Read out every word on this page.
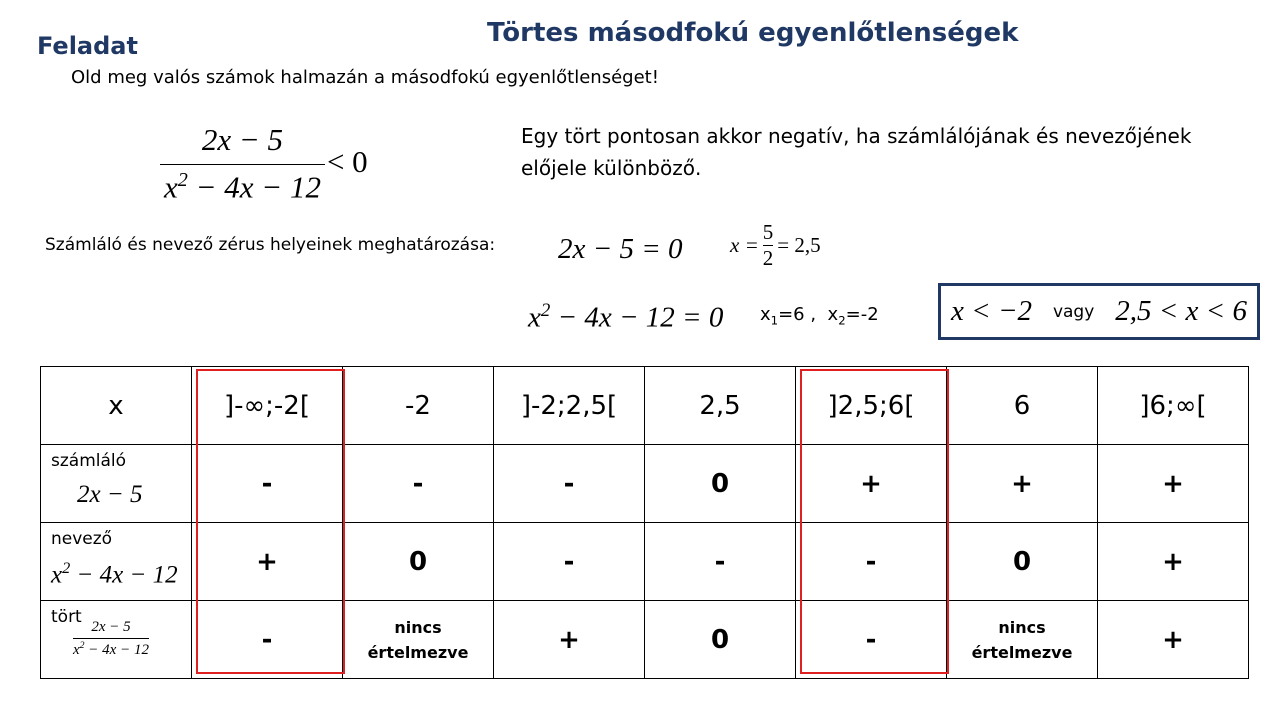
Törtes másodfokú egyenlőtlenségek
Feladat
Old meg valós számok halmazán a másodfokú egyenlőtlenséget!
$\frac{2x - 5}{x^2 - 4x - 12} < 0$
Egy tört pontosan akkor negatív, ha számlálójának és nevezőjének előjele különböző.
Számláló és nevező zérus helyeinek meghatározása: 2x − 5 = 0 $x = \frac{5}{2} = 2,5$
$x^2 - 4x - 12 = 0$ $x_1=6$ , $x_2=-2$ x < −2 vagy 2,5 < x < 6
x	]-∞;-2[	-2	]-2;2,5[	2,5	]2,5;6[	6	]6;∞[

számláló
2x − 5	-	-	-	0	+	+	+

nevező
$x^2 - 4x - 12$	+	0	-	-	-	0	+

tört
$\frac{2x - 5}{x^2 - 4x - 12}$	-	nincs
értelmezve	+	0	-	nincs
értelmezve	+
